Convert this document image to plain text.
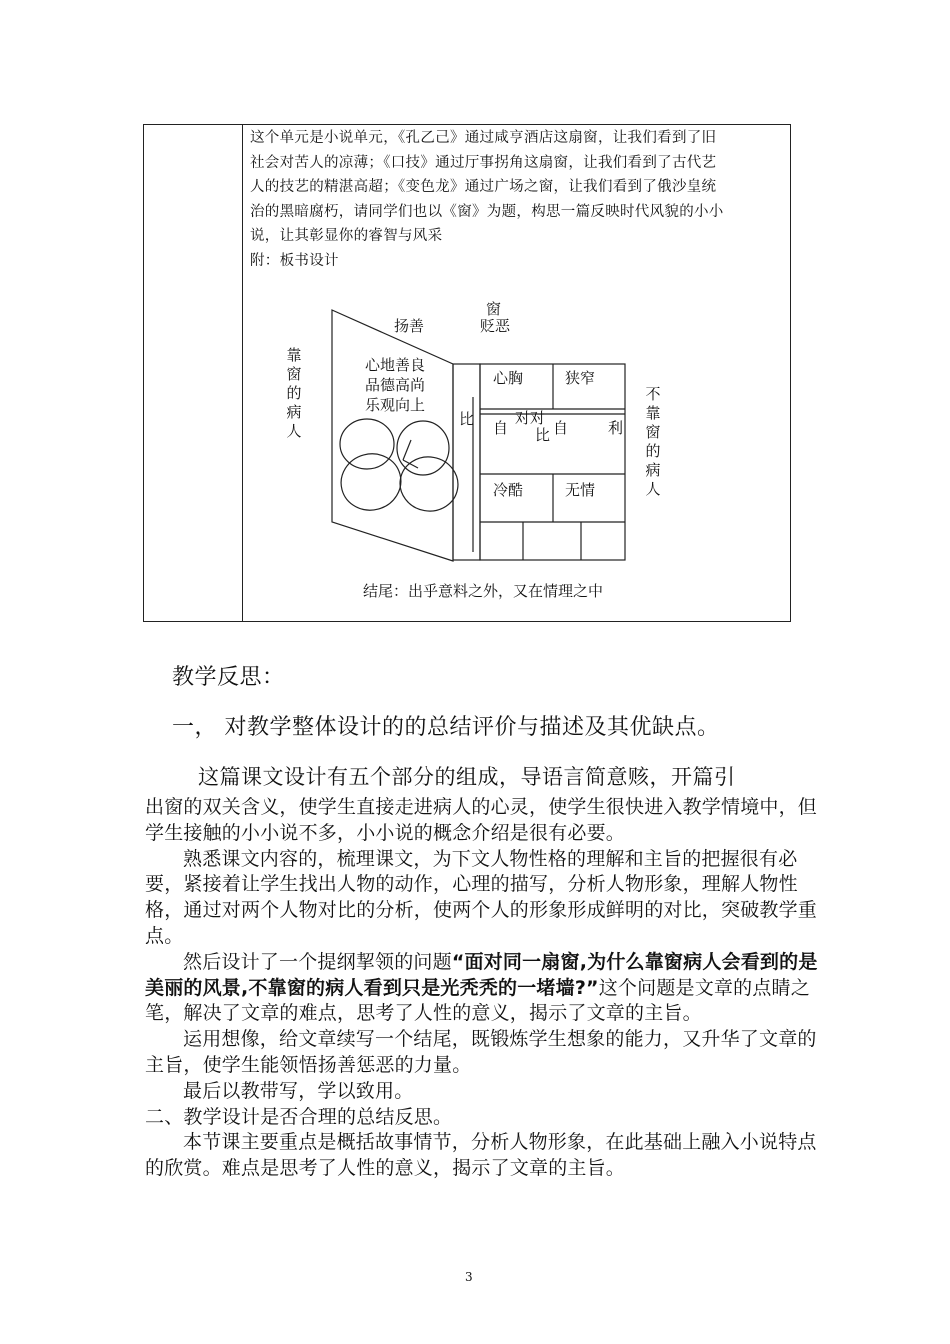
这个单元是小说单元，《孔乙己》通过咸亨酒店这扇窗，让我们看到了旧

社会对苦人的凉薄；《口技》通过厅事拐角这扇窗，让我们看到了古代艺

人的技艺的精湛高超；《变色龙》通过广场之窗，让我们看到了俄沙皇统

治的黑暗腐朽，请同学们也以《窗》为题，构思一篇反映时代风貌的小小

说，让其彰显你的睿智与风采

附：板书设计

窗
扬善	贬恶
靠窗的病人
不靠窗的病人
心地善良
品德高尚
乐观向上
比	对对
比
自	自	利
心胸	狭窄
冷酷	无情
结尾：出乎意料之外，又在情理之中
教学反思：
一， 对教学整体设计的的总结评价与描述及其优缺点。
这篇课文设计有五个部分的组成，导语言简意赅，开篇引

出窗的双关含义，使学生直接走进病人的心灵，使学生很快进入教学情境中，但学生接触的小小说不多，小小说的概念介绍是很有必要。

熟悉课文内容的，梳理课文，为下文人物性格的理解和主旨的把握很有必要，紧接着让学生找出人物的动作，心理的描写，分析人物形象，理解人物性格，通过对两个人物对比的分析，使两个人的形象形成鲜明的对比，突破教学重点。

然后设计了一个提纲挈领的问题“面对同一扇窗,为什么靠窗病人会看到的是美丽的风景,不靠窗的病人看到只是光秃秃的一堵墙?”这个问题是文章的点睛之笔，解决了文章的难点，思考了人性的意义，揭示了文章的主旨。

运用想像，给文章续写一个结尾，既锻炼学生想象的能力，又升华了文章的主旨，使学生能领悟扬善惩恶的力量。

最后以教带写，学以致用。

二、教学设计是否合理的总结反思。

本节课主要重点是概括故事情节，分析人物形象，在此基础上融入小说特点的欣赏。难点是思考了人性的意义，揭示了文章的主旨。

3
